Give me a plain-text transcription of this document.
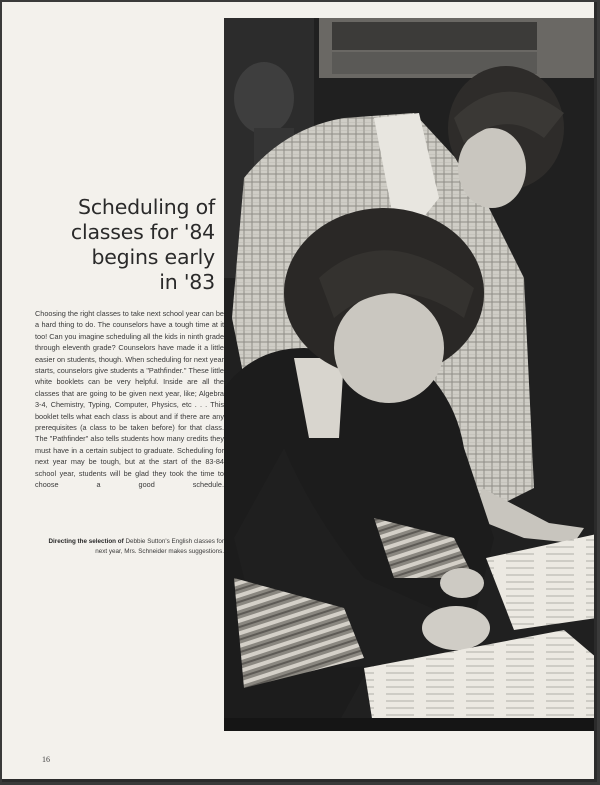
Scheduling of
classes for '84
begins early
in '83

Choosing the right classes to take next school year can be a hard thing to do. The counselors have a tough time at it too! Can you imagine scheduling all the kids in ninth grade through eleventh grade? Counselors have made it a little easier on students, though. When scheduling for next year starts, counselors give students a "Pathfinder." These little white booklets can be very helpful. Inside are all the classes that are going to be given next year, like; Algebra 3-4, Chemistry, Typing, Computer, Physics, etc . . . This booklet tells what each class is about and if there are any prerequisites (a class to be taken before) for that class. The "Pathfinder" also tells students how many credits they must have in a certain subject to graduate. Scheduling for next year may be tough, but at the start of the 83-84 school year, students will be glad they took the time to choose a good schedule.

Directing the selection of Debbie Sutton's English classes for next year, Mrs. Schneider makes suggestions.

16
